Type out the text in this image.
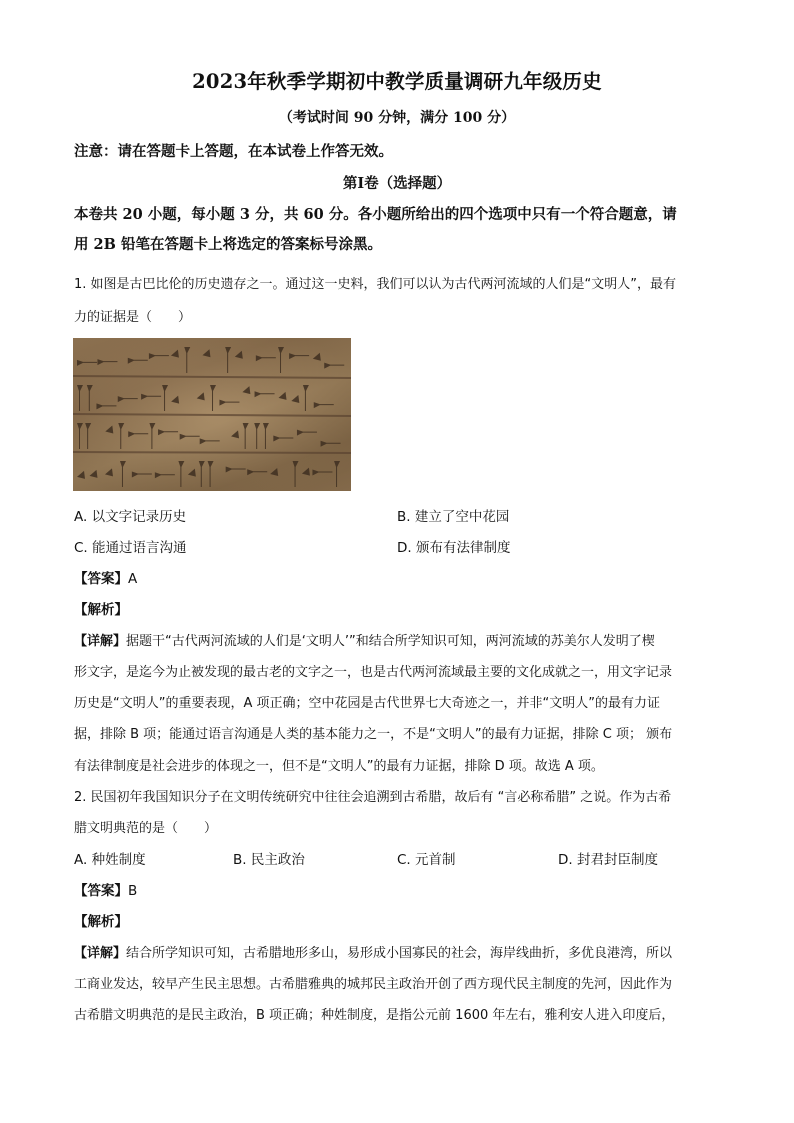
2023年秋季学期初中教学质量调研九年级历史
（考试时间 90 分钟，满分 100 分）
注意：请在答题卡上答题，在本试卷上作答无效。
第Ⅰ卷（选择题）
本卷共 20 小题，每小题 3 分，共 60 分。各小题所给出的四个选项中只有一个符合题意，请
用 2B 铅笔在答题卡上将选定的答案标号涂黑。
1. 如图是古巴比伦的历史遗存之一。通过这一史料，我们可以认为古代两河流域的人们是“文明人”，最有
力的证据是（　　）
A. 以文字记录历史	B. 建立了空中花园
C. 能通过语言沟通	D. 颁布有法律制度
【答案】A
【解析】
【详解】据题干“古代两河流域的人们是‘文明人’”和结合所学知识可知，两河流域的苏美尔人发明了楔
形文字，是迄今为止被发现的最古老的文字之一，也是古代两河流域最主要的文化成就之一，用文字记录
历史是“文明人”的重要表现，A 项正确；空中花园是古代世界七大奇迹之一，并非“文明人”的最有力证
据，排除 B 项；能通过语言沟通是人类的基本能力之一，不是“文明人”的最有力证据，排除 C 项； 颁布
有法律制度是社会进步的体现之一，但不是“文明人”的最有力证据，排除 D 项。故选 A 项。
2. 民国初年我国知识分子在文明传统研究中往往会追溯到古希腊，故后有 “言必称希腊” 之说。作为古希
腊文明典范的是（　　）
A. 种姓制度	B. 民主政治	C. 元首制	D. 封君封臣制度
【答案】B
【解析】
【详解】结合所学知识可知，古希腊地形多山，易形成小国寡民的社会，海岸线曲折，多优良港湾，所以
工商业发达，较早产生民主思想。古希腊雅典的城邦民主政治开创了西方现代民主制度的先河，因此作为
古希腊文明典范的是民主政治，B 项正确；种姓制度，是指公元前 1600 年左右，雅利安人进入印度后，
